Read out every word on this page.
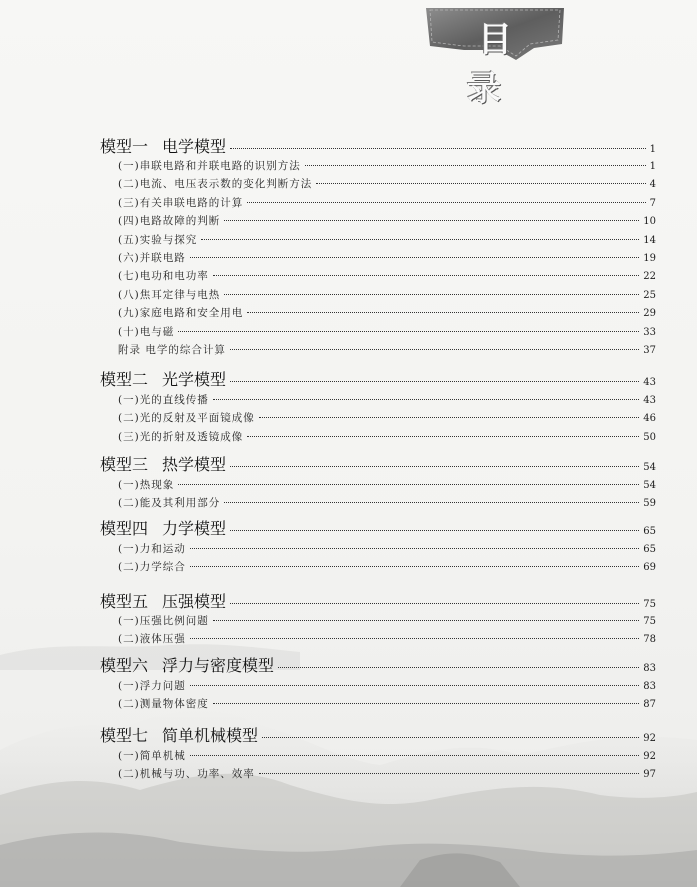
目 录
模型一 电学模型	1
(一)串联电路和并联电路的识别方法	1
(二)电流、电压表示数的变化判断方法	4
(三)有关串联电路的计算	7
(四)电路故障的判断	10
(五)实验与探究	14
(六)并联电路	19
(七)电功和电功率	22
(八)焦耳定律与电热	25
(九)家庭电路和安全用电	29
(十)电与磁	33
附录 电学的综合计算	37
模型二 光学模型	43
(一)光的直线传播	43
(二)光的反射及平面镜成像	46
(三)光的折射及透镜成像	50
模型三 热学模型	54
(一)热现象	54
(二)能及其利用部分	59
模型四 力学模型	65
(一)力和运动	65
(二)力学综合	69
模型五 压强模型	75
(一)压强比例问题	75
(二)液体压强	78
模型六 浮力与密度模型	83
(一)浮力问题	83
(二)测量物体密度	87
模型七 简单机械模型	92
(一)简单机械	92
(二)机械与功、功率、效率	97
